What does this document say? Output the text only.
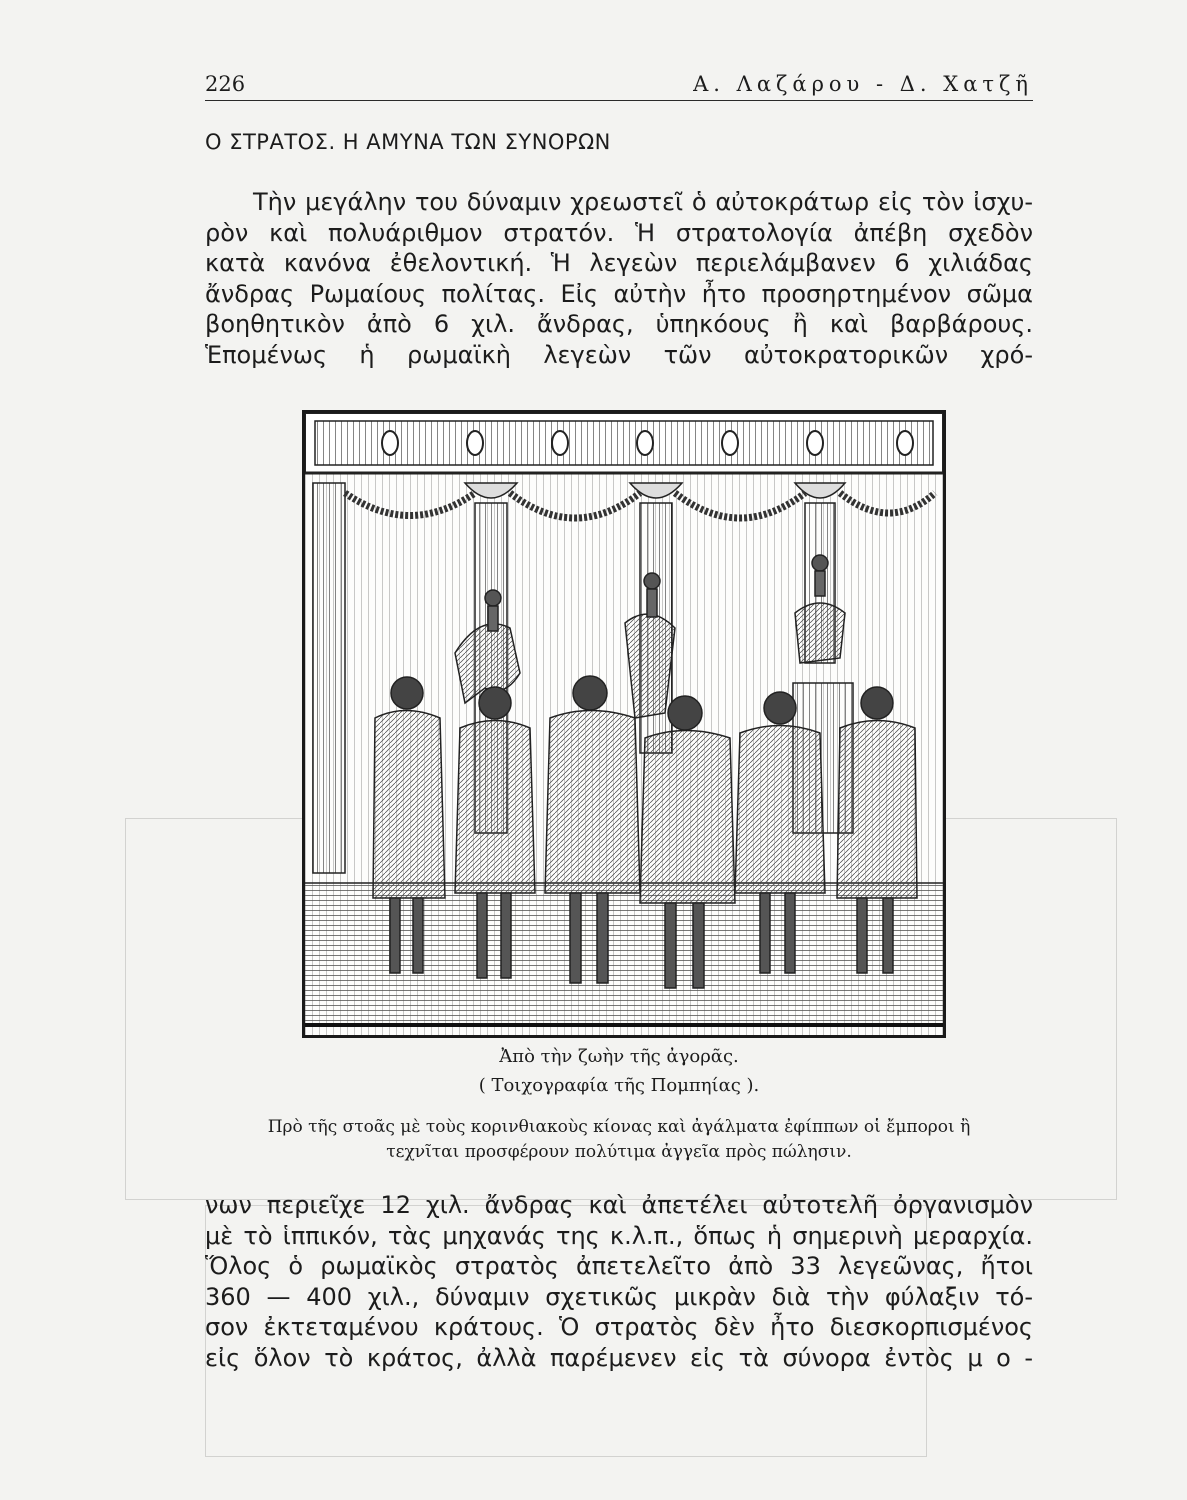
226	Α. Λαζάρου - Δ. Χατζῆ
Ο ΣΤΡΑΤΟΣ. Η ΑΜΥΝΑ ΤΩΝ ΣΥΝΟΡΩΝ
Τὴν μεγάλην του δύναμιν χρεωστεῖ ὁ αὐτοκράτωρ εἰς τὸν ἰσχυ-
ρὸν καὶ πολυάριθμον στρατόν. Ἡ στρατολογία ἀπέβη σχεδὸν
κατὰ κανόνα ἐθελοντική. Ἡ λεγεὼν περιελάμβανεν 6 χιλιάδας
ἄνδρας Ρωμαίους πολίτας. Εἰς αὐτὴν ἦτο προσηρτημένον σῶμα
βοηθητικὸν ἀπὸ 6 χιλ. ἄνδρας, ὑπηκόους ἢ καὶ βαρβάρους.
Ἑπομένως ἡ ρωμαϊκὴ λεγεὼν τῶν αὐτοκρατορικῶν χρό-
Ἀπὸ τὴν ζωὴν τῆς ἀγορᾶς.
( Τοιχογραφία τῆς Πομπηίας ).
Πρὸ τῆς στοᾶς μὲ τοὺς κορινθιακοὺς κίονας καὶ ἀγάλματα ἐφίππων οἱ ἔμποροι ἢ
τεχνῖται προσφέρουν πολύτιμα ἀγγεῖα πρὸς πώλησιν.
νων περιεῖχε 12 χιλ. ἄνδρας καὶ ἀπετέλει αὐτοτελῆ ὀργανισμὸν
μὲ τὸ ἱππικόν, τὰς μηχανάς της κ.λ.π., ὅπως ἡ σημερινὴ μεραρχία.
Ὅλος ὁ ρωμαϊκὸς στρατὸς ἀπετελεῖτο ἀπὸ 33 λεγεῶνας, ἤτοι
360 — 400 χιλ., δύναμιν σχετικῶς μικρὰν διὰ τὴν φύλαξιν τό-
σον ἐκτεταμένου κράτους. Ὁ στρατὸς δὲν ἦτο διεσκορπισμένος
εἰς ὅλον τὸ κράτος, ἀλλὰ παρέμενεν εἰς τὰ σύνορα ἐντὸς μ ο -
